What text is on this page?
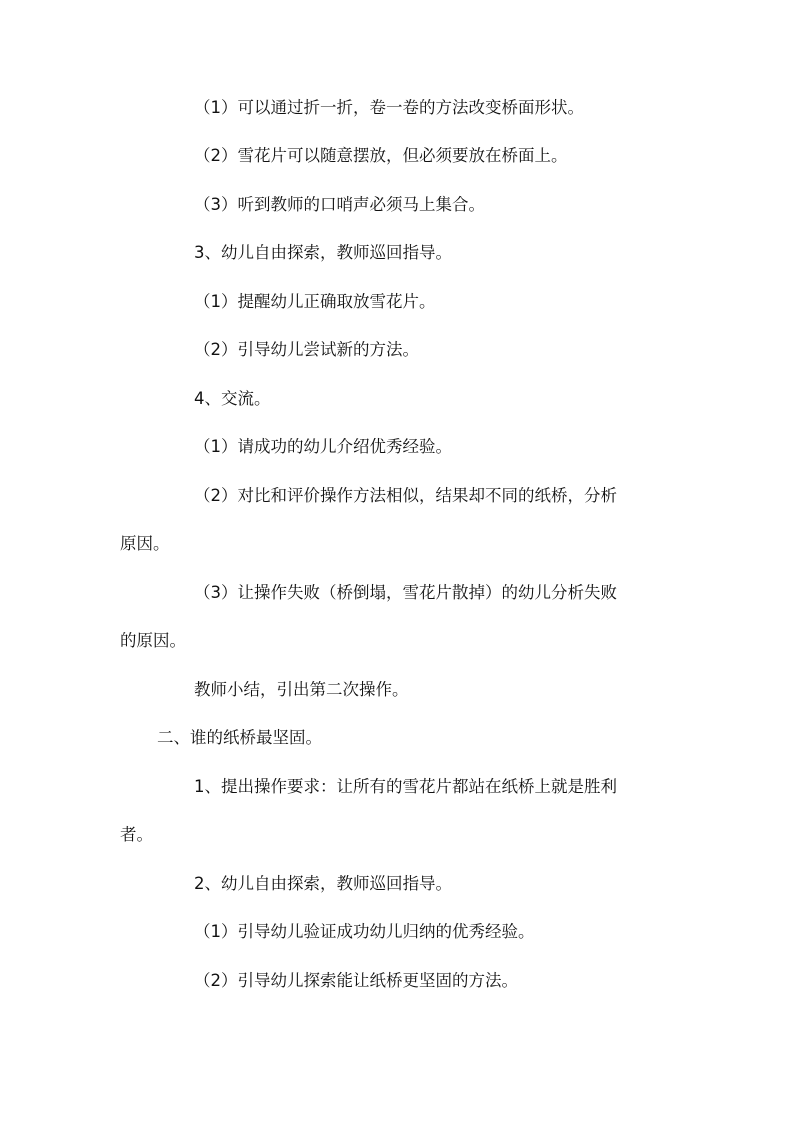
（1）可以通过折一折，卷一卷的方法改变桥面形状。

（2）雪花片可以随意摆放，但必须要放在桥面上。

（3）听到教师的口哨声必须马上集合。

3、幼儿自由探索，教师巡回指导。

（1）提醒幼儿正确取放雪花片。

（2）引导幼儿尝试新的方法。

4、交流。

（1）请成功的幼儿介绍优秀经验。

（2）对比和评价操作方法相似，结果却不同的纸桥，分析

原因。

（3）让操作失败（桥倒塌，雪花片散掉）的幼儿分析失败

的原因。

教师小结，引出第二次操作。

二、谁的纸桥最坚固。

1、提出操作要求：让所有的雪花片都站在纸桥上就是胜利

者。

2、幼儿自由探索，教师巡回指导。

（1）引导幼儿验证成功幼儿归纳的优秀经验。

（2）引导幼儿探索能让纸桥更坚固的方法。
